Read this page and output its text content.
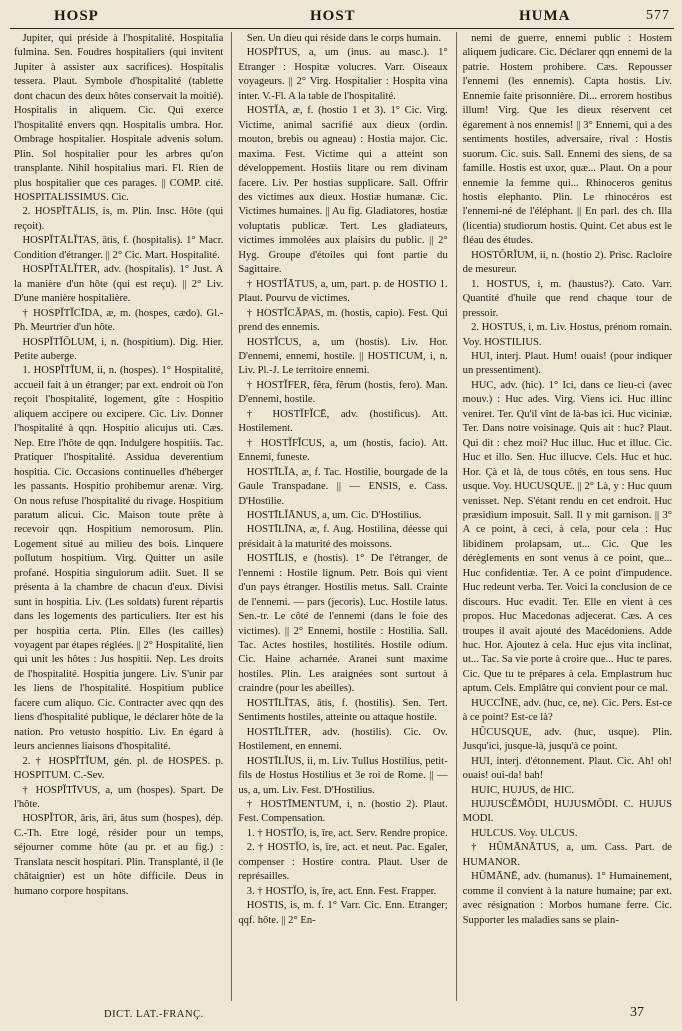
HOSP	HOST	HUMA	577

Jupiter, qui préside à l'hospitalité. Hospitalia fulmina. Sen. Foudres hospitaliers (qui invitent Jupiter à assister aux sacrifices). Hospitalis tessera. Plaut. Symbole d'hospitalité (tablette dont chacun des deux hôtes conservait la moitié). Hospitalis in aliquem. Cic. Qui exerce l'hospitalité envers qqn. Hospitalis umbra. Hor. Ombrage hospitalier. Hospitale advenis solum. Plin. Sol hospitalier pour les arbres qu'on transplante. Nihil hospitalius mari. Fl. Rien de plus hospitalier que ces parages. || COMP. cité. HOSPITALISSIMUS. Cic.

2. HOSPĬTĀLIS, is, m. Plin. Insc. Hôte (qui reçoit).

HOSPĬTĀLĬTAS, ātis, f. (hospitalis). 1° Macr. Condition d'étranger. || 2° Cic. Mart. Hospitalité.

HOSPĬTĀLĬTER, adv. (hospitalis). 1° Just. A la manière d'un hôte (qui est reçu). || 2° Liv. D'une manière hospitalière.

† HOSPĬTĬCĪDA, æ, m. (hospes, cædo). Gl.-Ph. Meurtrier d'un hôte.

HOSPĬTĬŎLUM, i, n. (hospitium). Dig. Hier. Petite auberge.

1. HOSPĬTĬUM, ii, n. (hospes). 1° Hospitalité, accueil fait à un étranger; par ext. endroit où l'on reçoit l'hospitalité, logement, gîte : Hospitio aliquem accipere ou excipere. Cic. Liv. Donner l'hospitalité à qqn. Hospitio alicujus uti. Cæs. Nep. Etre l'hôte de qqn. Indulgere hospitiis. Tac. Pratiquer l'hospitalité. Assidua deverentium hospitia. Cic. Occasions continuelles d'héberger les passants. Hospitio prohibemur arenæ. Virg. On nous refuse l'hospitalité du rivage. Hospitium paratum alicui. Cic. Maison toute prête à recevoir qqn. Hospitium nemorosum. Plin. Logement situé au milieu des bois. Linquere pollutum hospitium. Virg. Quitter un asile profané. Hospitia singulorum adiit. Suet. Il se présenta à la chambre de chacun d'eux. Divisi sunt in hospitia. Liv. (Les soldats) furent répartis dans les logements des particuliers. Iter est his per hospitia certa. Plin. Elles (les cailles) voyagent par étapes réglées. || 2° Hospitalité, lien qui unit les hôtes : Jus hospitii. Nep. Les droits de l'hospitalité. Hospitia jungere. Liv. S'unir par les liens de l'hospitalité. Hospitium publice facere cum aliquo. Cic. Contracter avec qqn des liens d'hospitalité publique, le déclarer hôte de la nation. Pro vetusto hospitio. Liv. En égard à leurs anciennes liaisons d'hospitalité.

2. † HOSPĬTĬUM, gén. pl. de HOSPES. p. HOSPITUM. C.-Sev.

† HOSPĬTĪVUS, a, um (hospes). Spart. De l'hôte.

HOSPĬTOR, āris, āri, ātus sum (hospes), dép. C.-Th. Etre logé, résider pour un temps, séjourner comme hôte (au pr. et au fig.) : Translata nescit hospitari. Plin. Transplanté, il (le châtaignier) est un hôte difficile. Deus in humano corpore hospitans.

Sen. Un dieu qui réside dans le corps humain.

HOSPĬTUS, a, um (inus. au masc.). 1° Etranger : Hospitæ volucres. Varr. Oiseaux voyageurs. || 2° Virg. Hospitalier : Hospita vina inter. V.-Fl. A la table de l'hospitalité.

HOSTĬA, æ, f. (hostio 1 et 3). 1° Cic. Virg. Victime, animal sacrifié aux dieux (ordin. mouton, brebis ou agneau) : Hostia major. Cic. maxima. Fest. Victime qui a atteint son développement. Hostiis litare ou rem divinam facere. Liv. Per hostias supplicare. Sall. Offrir des victimes aux dieux. Hostiæ humanæ. Cic. Victimes humaines. || Au fig. Gladiatores, hostiæ voluptatis publicæ. Tert. Les gladiateurs, victimes immolées aux plaisirs du public. || 2° Hyg. Groupe d'étoiles qui font partie du Sagittaire.

† HOSTĬĀTUS, a, um, part. p. de HOSTIO 1. Plaut. Pourvu de victimes.

† HOSTĬCĂPAS, m. (hostis, capio). Fest. Qui prend des ennemis.

HOSTĬCUS, a, um (hostis). Liv. Hor. D'ennemi, ennemi, hostile. || HOSTICUM, i, n. Liv. Pl.-J. Le territoire ennemi.

† HOSTĬFER, fĕra, fĕrum (hostis, fero). Man. D'ennemi, hostile.

† HOSTĬFĬCĒ, adv. (hostificus). Att. Hostilement.

† HOSTĬFĬCUS, a, um (hostis, facio). Att. Ennemi, funeste.

HOSTĪLĬA, æ, f. Tac. Hostilie, bourgade de la Gaule Transpadane. || — ENSIS, e. Cass. D'Hostilie.

HOSTĪLĬĀNUS, a, um. Cic. D'Hostilius.

HOSTĪLĪNA, æ, f. Aug. Hostilina, déesse qui présidait à la maturité des moissons.

HOSTĪLIS, e (hostis). 1° De l'étranger, de l'ennemi : Hostile lignum. Petr. Bois qui vient d'un pays étranger. Hostilis metus. Sall. Crainte de l'ennemi. — pars (jecoris). Luc. Hostile latus. Sen.-tr. Le côté de l'ennemi (dans le foie des victimes). || 2° Ennemi, hostile : Hostilia. Sall. Tac. Actes hostiles, hostilités. Hostile odium. Cic. Haine acharnée. Aranei sunt maxime hostiles. Plin. Les araignées sont surtout à craindre (pour les abeilles).

HOSTĪLĬTAS, ātis, f. (hostilis). Sen. Tert. Sentiments hostiles, atteinte ou attaque hostile.

HOSTĪLĬTER, adv. (hostilis). Cic. Ov. Hostilement, en ennemi.

HOSTĪLĬUS, ii, m. Liv. Tullus Hostilius, petit-fils de Hostus Hostilius et 3e roi de Rome. || — us, a, um. Liv. Fest. D'Hostilius.

† HOSTĪMENTUM, i, n. (hostio 2). Plaut. Fest. Compensation.

1. † HOSTĬO, is, īre, act. Serv. Rendre propice.

2. † HOSTĬO, is, īre, act. et neut. Pac. Egaler, compenser : Hostire contra. Plaut. User de représailles.

3. † HOSTĬO, is, īre, act. Enn. Fest. Frapper.

HOSTIS, is, m. f. 1° Varr. Cic. Enn. Etranger; qqf. hôte. || 2° En-

nemi de guerre, ennemi public : Hostem aliquem judicare. Cic. Déclarer qqn ennemi de la patrie. Hostem prohibere. Cæs. Repousser l'ennemi (les ennemis). Capta hostis. Liv. Ennemie faite prisonnière. Di... errorem hostibus illum! Virg. Que les dieux réservent cet égarement à nos ennemis! || 3° Ennemi, qui a des sentiments hostiles, adversaire, rival : Hostis suorum. Cic. suis. Sall. Ennemi des siens, de sa famille. Hostis est uxor, quæ... Plaut. On a pour ennemie la femme qui... Rhinoceros genitus hostis elephanto. Plin. Le rhinocéros est l'ennemi-né de l'éléphant. || En parl. des ch. Illa (licentia) studiorum hostis. Quint. Cet abus est le fléau des études.

HOSTŌRĬUM, ii, n. (hostio 2). Prisc. Racloire de mesureur.

1. HOSTUS, i, m. (haustus?). Cato. Varr. Quantité d'huile que rend chaque tour de pressoir.

2. HOSTUS, i, m. Liv. Hostus, prénom romain. Voy. HOSTILIUS.

HUI, interj. Plaut. Hum! ouais! (pour indiquer un pressentiment).

HUC, adv. (hic). 1° Ici, dans ce lieu-ci (avec mouv.) : Huc ades. Virg. Viens ici. Huc illinc veniret. Ter. Qu'il vînt de là-bas ici. Huc viciniæ. Ter. Dans notre voisinage. Quis ait : huc? Plaut. Qui dit : chez moi? Huc illuc. Huc et illuc. Cic. Huc et illo. Sen. Huc illucve. Cels. Huc et huc. Hor. Çà et là, de tous côtés, en tous sens. Huc usque. Voy. HUCUSQUE. || 2° Là, y : Huc quum venisset. Nep. S'étant rendu en cet endroit. Huc præsidium imposuit. Sall. Il y mit garnison. || 3° A ce point, à ceci, à cela, pour cela : Huc libidinem prolapsam, ut... Cic. Que les dérèglements en sont venus à ce point, que... Huc confidentiæ. Ter. A ce point d'impudence. Huc redeunt verba. Ter. Voici la conclusion de ce discours. Huc evadit. Ter. Elle en vient à ces propos. Huc Macedonas adjecerat. Cæs. A ces troupes il avait ajouté des Macédoniens. Adde huc. Hor. Ajoutez à cela. Huc ejus vita inclinat, ut... Tac. Sa vie porte à croire que... Huc te pares. Cic. Que tu te prépares à cela. Emplastrum huc aptum. Cels. Emplâtre qui convient pour ce mal.

HUCCĬNE, adv. (huc, ce, ne). Cic. Pers. Est-ce à ce point? Est-ce là?

HŪCUSQUE, adv. (huc, usque). Plin. Jusqu'ici, jusque-là, jusqu'à ce point.

HUI, interj. d'étonnement. Plaut. Cic. Ah! oh! ouais! oui-da! bah!

HUIC, HUJUS, de HIC.

HUJUSCĔMŎDI, HUJUSMŎDI. C. HUJUS MODI.

HULCUS. Voy. ULCUS.

† HŪMĀNĀTUS, a, um. Cass. Part. de HUMANOR.

HŪMĀNĒ, adv. (humanus). 1° Humainement, comme il convient à la nature humaine; par ext. avec résignation : Morbos humane ferre. Cic. Supporter les maladies sans se plain-

DICT. LAT.-FRANÇ.	37
